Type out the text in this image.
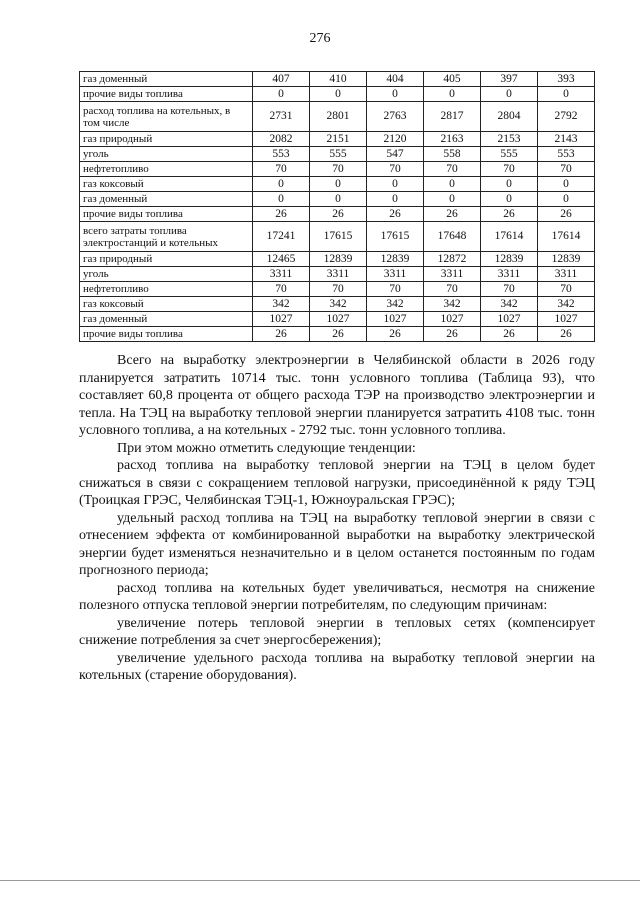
276
газ доменный	407	410	404	405	397	393
прочие виды топлива	0	0	0	0	0	0
расход топлива на котельных, в том числе	2731	2801	2763	2817	2804	2792
газ природный	2082	2151	2120	2163	2153	2143
уголь	553	555	547	558	555	553
нефтетопливо	70	70	70	70	70	70
газ коксовый	0	0	0	0	0	0
газ доменный	0	0	0	0	0	0
прочие виды топлива	26	26	26	26	26	26
всего затраты топлива электростанций и котельных	17241	17615	17615	17648	17614	17614
газ природный	12465	12839	12839	12872	12839	12839
уголь	3311	3311	3311	3311	3311	3311
нефтетопливо	70	70	70	70	70	70
газ коксовый	342	342	342	342	342	342
газ доменный	1027	1027	1027	1027	1027	1027
прочие виды топлива	26	26	26	26	26	26

Всего на выработку электроэнергии в Челябинской области в 2026 году планируется затратить 10714 тыс. тонн условного топлива (Таблица 93), что составляет 60,8 процента от общего расхода ТЭР на производство электроэнергии и тепла. На ТЭЦ на выработку тепловой энергии планируется затратить 4108 тыс. тонн условного топлива, а на котельных - 2792 тыс. тонн условного топлива.

При этом можно отметить следующие тенденции:

расход топлива на выработку тепловой энергии на ТЭЦ в целом будет снижаться в связи с сокращением тепловой нагрузки, присоединённой к ряду ТЭЦ (Троицкая ГРЭС, Челябинская ТЭЦ-1, Южноуральская ГРЭС);

удельный расход топлива на ТЭЦ на выработку тепловой энергии в связи с отнесением эффекта от комбинированной выработки на выработку электрической энергии будет изменяться незначительно и в целом останется постоянным по годам прогнозного периода;

расход топлива на котельных будет увеличиваться, несмотря на снижение полезного отпуска тепловой энергии потребителям, по следующим причинам:

увеличение потерь тепловой энергии в тепловых сетях (компенсирует снижение потребления за счет энергосбережения);

увеличение удельного расхода топлива на выработку тепловой энергии на котельных (старение оборудования).
